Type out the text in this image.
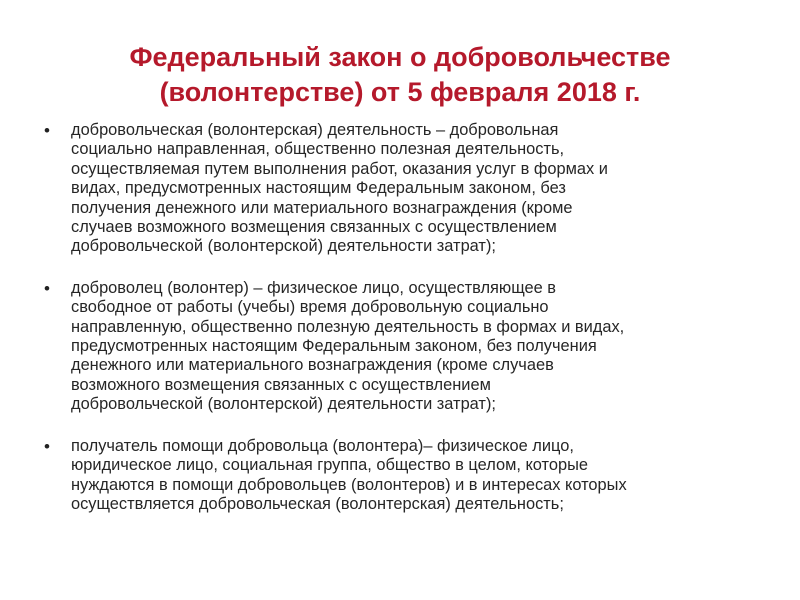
Федеральный закон о добровольчестве
(волонтерстве) от 5 февраля 2018 г.
• добровольческая (волонтерская) деятельность – добровольная
социально направленная, общественно полезная деятельность,
осуществляемая путем выполнения работ, оказания услуг в формах и
видах, предусмотренных настоящим Федеральным законом, без
получения денежного или материального вознаграждения (кроме
случаев возможного возмещения связанных с осуществлением
добровольческой (волонтерской) деятельности затрат);
• доброволец (волонтер) – физическое лицо, осуществляющее в
свободное от работы (учебы) время добровольную социально
направленную, общественно полезную деятельность в формах и видах,
предусмотренных настоящим Федеральным законом, без получения
денежного или материального вознаграждения (кроме случаев
возможного возмещения связанных с осуществлением
добровольческой (волонтерской) деятельности затрат);
• получатель помощи добровольца (волонтера)– физическое лицо,
юридическое лицо, социальная группа, общество в целом, которые
нуждаются в помощи добровольцев (волонтеров) и в интересах которых
осуществляется добровольческая (волонтерская) деятельность;
